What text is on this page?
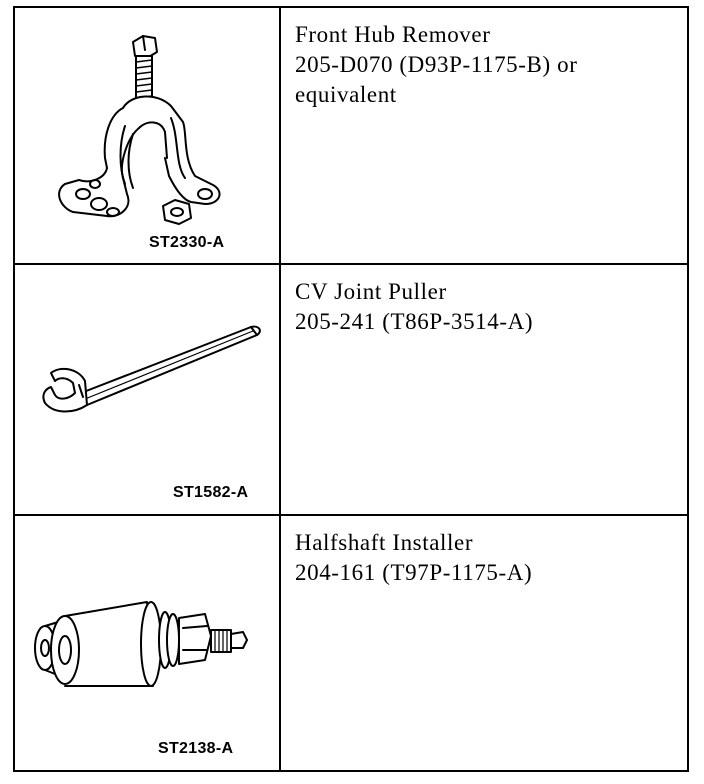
ST2330-A	Front Hub Remover
205-D070 (D93P-1175-B) or
equivalent

ST1582-A	CV Joint Puller
205-241 (T86P-3514-A)

ST2138-A	Halfshaft Installer
204-161 (T97P-1175-A)
